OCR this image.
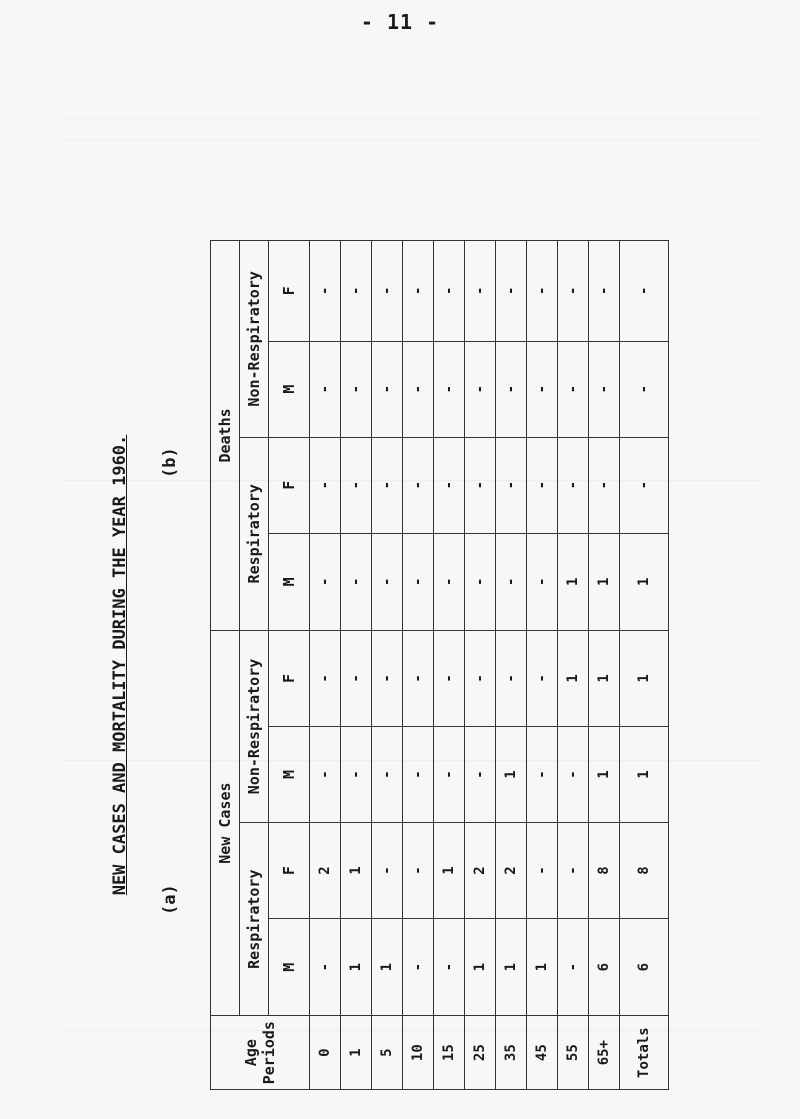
- 11 -
NEW CASES AND MORTALITY DURING THE YEAR 1960.
(a)
(b)
Age Periods	New Cases				Deaths			
	Respiratory		Non-Respiratory		Respiratory		Non-Respiratory	
	M	F	M	F	M	F	M	F
0	-	2	-	-	-	-	-	-
1	1	1	-	-	-	-	-	-
5	1	-	-	-	-	-	-	-
10	-	-	-	-	-	-	-	-
15	-	1	-	-	-	-	-	-
25	1	2	-	-	-	-	-	-
35	1	2	1	-	-	-	-	-
45	1	-	-	-	-	-	-	-
55	-	-	-	1	1	-	-	-
65+	6	8	1	1	1	-	-	-
Totals	6	8	1	1	1	-	-	-
